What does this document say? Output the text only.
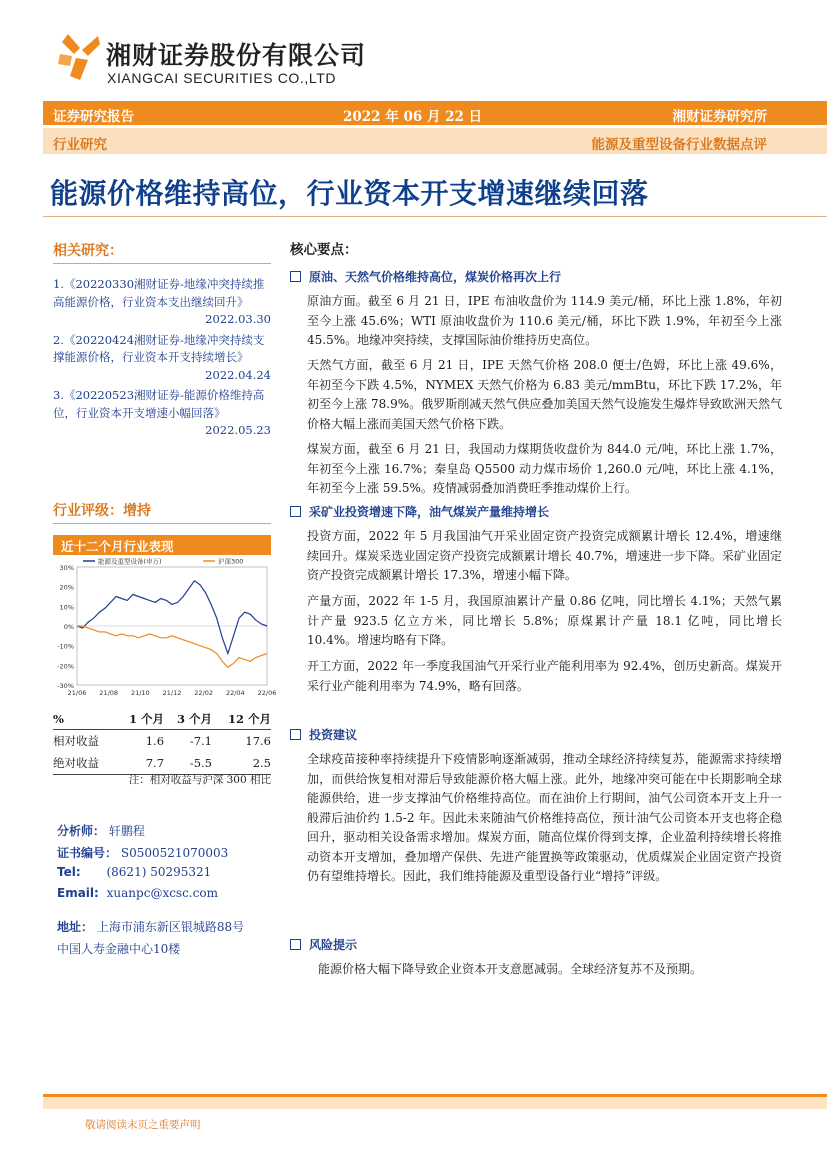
湘财证券股份有限公司
XIANGCAI SECURITIES CO.,LTD
证券研究报告	2022 年 06 月 22 日	湘财证券研究所
行业研究	能源及重型设备行业数据点评
能源价格维持高位，行业资本开支增速继续回落
相关研究：
1.《20220330湘财证券-地缘冲突持续推高能源价格，行业资本支出继续回升》
2022.03.30
2.《20220424湘财证券-地缘冲突持续支撑能源价格，行业资本开支持续增长》
2022.04.24
3.《20220523湘财证券-能源价格维持高位，行业资本开支增速小幅回落》
2022.05.23
行业评级：增持
近十二个月行业表现
30%
20%
10%
0%
-10%
-20%
-30%
21/06 21/08 21/10 21/12 22/02 22/04 22/06
能源及重型设备(申万)	沪深300
%	1 个月	3 个月	12 个月
相对收益	1.6	-7.1	17.6
绝对收益	7.7	-5.5	2.5
注：相对收益与沪深 300 相比
分析师： 轩鹏程
证书编号： S0500521070003
Tel: (8621) 50295321
Email: xuanpc@xcsc.com
地址： 上海市浦东新区银城路88号
中国人寿金融中心10楼
核心要点：
原油、天然气价格维持高位，煤炭价格再次上行
原油方面。截至 6 月 21 日，IPE 布油收盘价为 114.9 美元/桶，环比上涨 1.8%，年初至今上涨 45.6%；WTI 原油收盘价为 110.6 美元/桶，环比下跌 1.9%，年初至今上涨 45.5%。地缘冲突持续，支撑国际油价维持历史高位。
天然气方面，截至 6 月 21 日，IPE 天然气价格 208.0 便士/色姆，环比上涨 49.6%，年初至今下跌 4.5%，NYMEX 天然气价格为 6.83 美元/mmBtu，环比下跌 17.2%，年初至今上涨 78.9%。俄罗斯削减天然气供应叠加美国天然气设施发生爆炸导致欧洲天然气价格大幅上涨而美国天然气价格下跌。
煤炭方面，截至 6 月 21 日，我国动力煤期货收盘价为 844.0 元/吨，环比上涨 1.7%，年初至今上涨 16.7%；秦皇岛 Q5500 动力煤市场价 1,260.0 元/吨，环比上涨 4.1%，年初至今上涨 59.5%。疫情减弱叠加消费旺季推动煤价上行。
采矿业投资增速下降，油气煤炭产量维持增长
投资方面，2022 年 5 月我国油气开采业固定资产投资完成额累计增长 12.4%，增速继续回升。煤炭采选业固定资产投资完成额累计增长 40.7%，增速进一步下降。采矿业固定资产投资完成额累计增长 17.3%，增速小幅下降。
产量方面，2022 年 1-5 月，我国原油累计产量 0.86 亿吨，同比增长 4.1%；天然气累计产量 923.5 亿立方米，同比增长 5.8%；原煤累计产量 18.1 亿吨，同比增长 10.4%。增速均略有下降。
开工方面，2022 年一季度我国油气开采行业产能利用率为 92.4%，创历史新高。煤炭开采行业产能利用率为 74.9%，略有回落。
投资建议
全球疫苗接种率持续提升下疫情影响逐渐减弱，推动全球经济持续复苏，能源需求持续增加，而供给恢复相对滞后导致能源价格大幅上涨。此外，地缘冲突可能在中长期影响全球能源供给，进一步支撑油气价格维持高位。而在油价上行期间，油气公司资本开支上升一般滞后油价约 1.5-2 年。因此未来随油气价格维持高位，预计油气公司资本开支也将企稳回升，驱动相关设备需求增加。煤炭方面，随高位煤价得到支撑，企业盈利持续增长将推动资本开支增加，叠加增产保供、先进产能置换等政策驱动，优质煤炭企业固定资产投资仍有望维持增长。因此，我们维持能源及重型设备行业“增持”评级。
风险提示
能源价格大幅下降导致企业资本开支意愿减弱。全球经济复苏不及预期。
敬请阅读末页之重要声明
